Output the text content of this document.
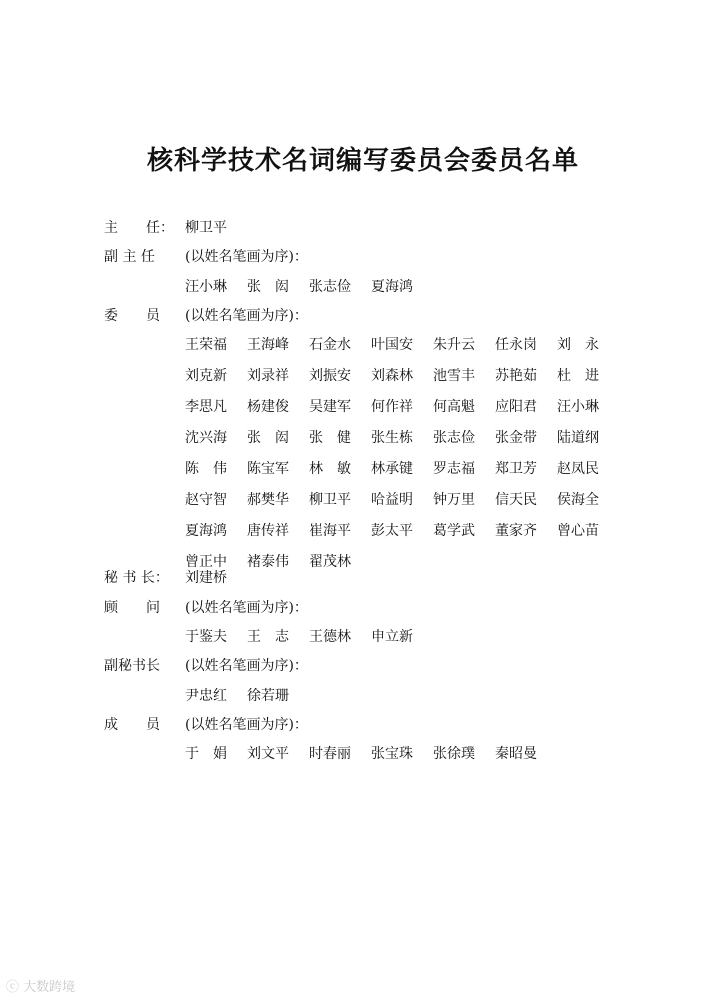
核科学技术名词编写委员会委员名单
主　　任： 柳卫平
副 主 任 (以姓名笔画为序)：
汪小琳	张　闳	张志俭	夏海鸿
委　　员 (以姓名笔画为序)：
王荣福	王海峰	石金水	叶国安	朱升云	任永岗	刘　永
刘克新	刘录祥	刘振安	刘森林	池雪丰	苏艳茹	杜　进
李思凡	杨建俊	吴建军	何作祥	何高魁	应阳君	汪小琳
沈兴海	张　闳	张　健	张生栋	张志俭	张金带	陆道纲
陈　伟	陈宝军	林　敏	林承键	罗志福	郑卫芳	赵凤民
赵守智	郝樊华	柳卫平	哈益明	钟万里	信天民	侯海全
夏海鸿	唐传祥	崔海平	彭太平	葛学武	董家齐	曾心苗
曾正中	褚泰伟	翟茂林
秘 书 长： 刘建桥
顾　　问 (以姓名笔画为序)：
于鉴夫	王　志	王德林	申立新
副秘书长 (以姓名笔画为序)：
尹忠红	徐若珊
成　　员 (以姓名笔画为序)：
于　娟	刘文平	时春丽	张宝珠	张徐璞	秦昭曼
ⓒ 大数跨境
